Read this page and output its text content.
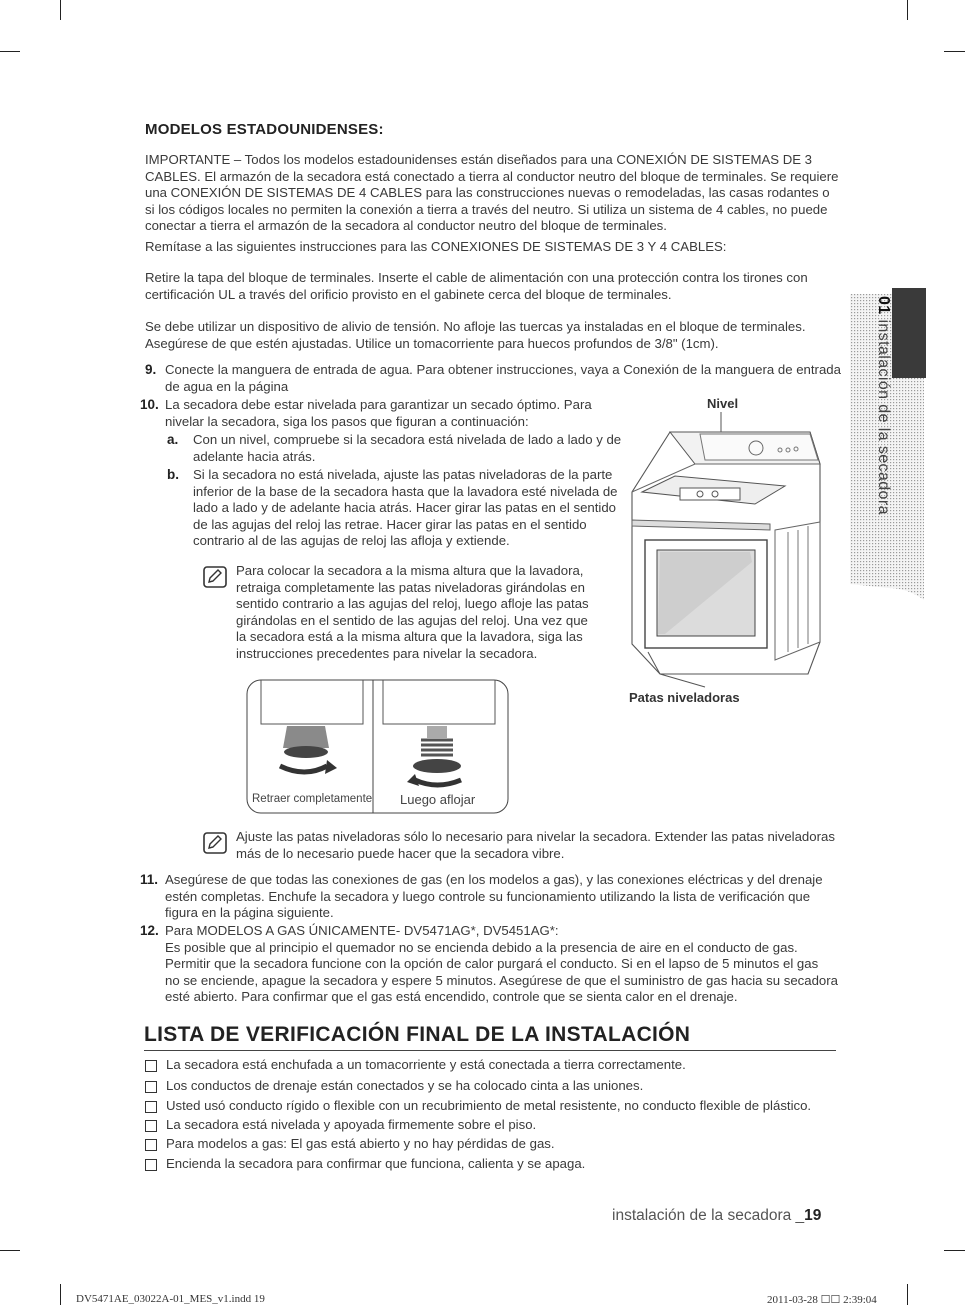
01 instalación de la secadora
MODELOS ESTADOUNIDENSES:
IMPORTANTE – Todos los modelos estadounidenses están diseñados para una CONEXIÓN DE SISTEMAS DE 3
CABLES. El armazón de la secadora está conectado a tierra al conductor neutro del bloque de terminales. Se requiere
una CONEXIÓN DE SISTEMAS DE 4 CABLES para las construcciones nuevas o remodeladas, las casas rodantes o
si los códigos locales no permiten la conexión a tierra a través del neutro. Si utiliza un sistema de 4 cables, no puede
conectar a tierra el armazón de la secadora al conductor neutro del bloque de terminales.
Remítase a las siguientes instrucciones para las CONEXIONES DE SISTEMAS DE 3 Y 4 CABLES:
Retire la tapa del bloque de terminales. Inserte el cable de alimentación con una protección contra los tirones con
certificación UL a través del orificio provisto en el gabinete cerca del bloque de terminales.
Se debe utilizar un dispositivo de alivio de tensión. No afloje las tuercas ya instaladas en el bloque de terminales.
Asegúrese de que estén ajustadas. Utilice un tomacorriente para huecos profundos de 3/8" (1cm).
9. Conecte la manguera de entrada de agua. Para obtener instrucciones, vaya a Conexión de la manguera de entrada
de agua en la página
10. La secadora debe estar nivelada para garantizar un secado óptimo. Para
nivelar la secadora, siga los pasos que figuran a continuación:
a. Con un nivel, compruebe si la secadora está nivelada de lado a lado y de
adelante hacia atrás.
b. Si la secadora no está nivelada, ajuste las patas niveladoras de la parte
inferior de la base de la secadora hasta que la lavadora esté nivelada de
lado a lado y de adelante hacia atrás. Hacer girar las patas en el sentido
de las agujas del reloj las retrae. Hacer girar las patas en el sentido
contrario al de las agujas de reloj las afloja y extiende.
Para colocar la secadora a la misma altura que la lavadora,
retraiga completamente las patas niveladoras girándolas en
sentido contrario a las agujas del reloj, luego afloje las patas
girándolas en el sentido de las agujas del reloj. Una vez que
la secadora está a la misma altura que la lavadora, siga las
instrucciones precedentes para nivelar la secadora.
Nivel
Patas niveladoras
Retraer completamente Luego aflojar
Ajuste las patas niveladoras sólo lo necesario para nivelar la secadora. Extender las patas niveladoras
más de lo necesario puede hacer que la secadora vibre.
11. Asegúrese de que todas las conexiones de gas (en los modelos a gas), y las conexiones eléctricas y del drenaje
estén completas. Enchufe la secadora y luego controle su funcionamiento utilizando la lista de verificación que
figura en la página siguiente.
12. Para MODELOS A GAS ÚNICAMENTE- DV5471AG*, DV5451AG*:
Es posible que al principio el quemador no se encienda debido a la presencia de aire en el conducto de gas.
Permitir que la secadora funcione con la opción de calor purgará el conducto. Si en el lapso de 5 minutos el gas
no se enciende, apague la secadora y espere 5 minutos. Asegúrese de que el suministro de gas hacia su secadora
esté abierto. Para confirmar que el gas está encendido, controle que se sienta calor en el drenaje.
LISTA DE VERIFICACIÓN FINAL DE LA INSTALACIÓN
La secadora está enchufada a un tomacorriente y está conectada a tierra correctamente.
Los conductos de drenaje están conectados y se ha colocado cinta a las uniones.
Usted usó conducto rígido o flexible con un recubrimiento de metal resistente, no conducto flexible de plástico.
La secadora está nivelada y apoyada firmemente sobre el piso.
Para modelos a gas: El gas está abierto y no hay pérdidas de gas.
Encienda la secadora para confirmar que funciona, calienta y se apaga.
instalación de la secadora _19
DV5471AE_03022A-01_MES_v1.indd 19	2011-03-28 ☐☐ 2:39:04
